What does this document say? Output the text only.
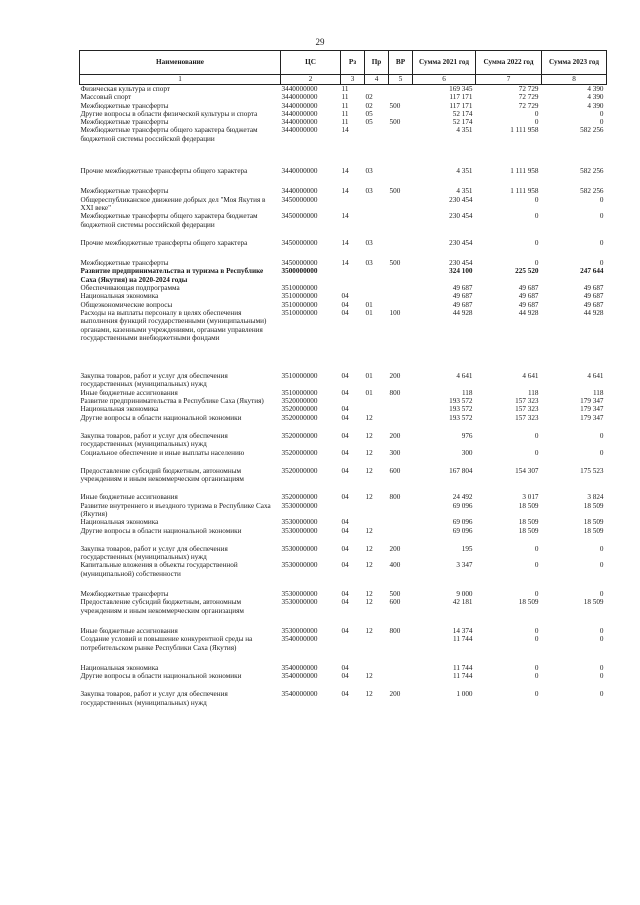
29
Наименование	ЦС	Рз	Пр	ВР	Сумма 2021 год	Сумма 2022 год	Сумма 2023 год
1	2	3	4	5	6	7	8
Физическая культура и спорт	3440000000	11			169 345	72 729	4 390
Массовый спорт	3440000000	11	02		117 171	72 729	4 390
Межбюджетные трансферты	3440000000	11	02	500	117 171	72 729	4 390
Другие вопросы в области физической культуры и спорта	3440000000	11	05		52 174	0	0
Межбюджетные трансферты	3440000000	11	05	500	52 174	0	0
Межбюджетные трансферты общего характера бюджетам бюджетной системы российской федерации	3440000000	14			4 351	1 111 958	582 256
Прочие межбюджетные трансферты общего характера	3440000000	14	03		4 351	1 111 958	582 256
Межбюджетные трансферты	3440000000	14	03	500	4 351	1 111 958	582 256
Общереспубликанское движение добрых дел "Моя Якутия в XXI веке"	3450000000				230 454	0	0
Межбюджетные трансферты общего характера бюджетам бюджетной системы российской федерации	3450000000	14			230 454	0	0
Прочие межбюджетные трансферты общего характера	3450000000	14	03		230 454	0	0
Межбюджетные трансферты	3450000000	14	03	500	230 454	0	0
Развитие предпринимательства и туризма в Республике Саха (Якутия) на 2020-2024 годы	3500000000				324 100	225 520	247 644
Обеспечивающая подпрограмма	3510000000				49 687	49 687	49 687
Национальная экономика	3510000000	04			49 687	49 687	49 687
Общеэкономические вопросы	3510000000	04	01		49 687	49 687	49 687
Расходы на выплаты персоналу в целях обеспечения выполнения функций государственными (муниципальными) органами, казенными учреждениями, органами управления государственными внебюджетными фондами	3510000000	04	01	100	44 928	44 928	44 928
Закупка товаров, работ и услуг для обеспечения государственных (муниципальных) нужд	3510000000	04	01	200	4 641	4 641	4 641
Иные бюджетные ассигнования	3510000000	04	01	800	118	118	118
Развитие предпринимательства в Республике Саха (Якутия)	3520000000				193 572	157 323	179 347
Национальная экономика	3520000000	04			193 572	157 323	179 347
Другие вопросы в области национальной экономики	3520000000	04	12		193 572	157 323	179 347
Закупка товаров, работ и услуг для обеспечения государственных (муниципальных) нужд	3520000000	04	12	200	976	0	0
Социальное обеспечение и иные выплаты населению	3520000000	04	12	300	300	0	0
Предоставление субсидий бюджетным, автономным учреждениям и иным некоммерческим организациям	3520000000	04	12	600	167 804	154 307	175 523
Иные бюджетные ассигнования	3520000000	04	12	800	24 492	3 017	3 824
Развитие внутреннего и въездного туризма в Республике Саха (Якутия)	3530000000				69 096	18 509	18 509
Национальная экономика	3530000000	04			69 096	18 509	18 509
Другие вопросы в области национальной экономики	3530000000	04	12		69 096	18 509	18 509
Закупка товаров, работ и услуг для обеспечения государственных (муниципальных) нужд	3530000000	04	12	200	195	0	0
Капитальные вложения в объекты государственной (муниципальной) собственности	3530000000	04	12	400	3 347	0	0
Межбюджетные трансферты	3530000000	04	12	500	9 000	0	0
Предоставление субсидий бюджетным, автономным учреждениям и иным некоммерческим организациям	3530000000	04	12	600	42 181	18 509	18 509
Иные бюджетные ассигнования	3530000000	04	12	800	14 374	0	0
Создание условий и повышение конкурентной среды на потребительском рынке Республики Саха (Якутия)	3540000000				11 744	0	0
Национальная экономика	3540000000	04			11 744	0	0
Другие вопросы в области национальной экономики	3540000000	04	12		11 744	0	0
Закупка товаров, работ и услуг для обеспечения государственных (муниципальных) нужд	3540000000	04	12	200	1 000	0	0
